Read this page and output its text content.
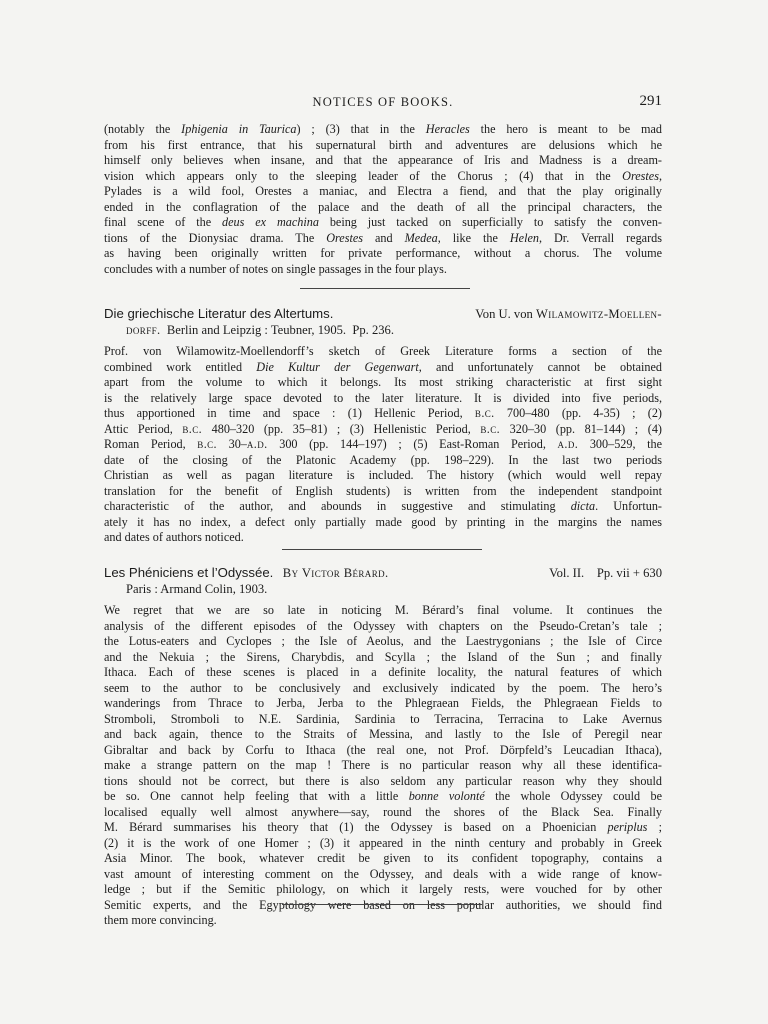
NOTICES OF BOOKS.	291
(notably the Iphigenia in Taurica) ; (3) that in the Heracles the hero is meant to be mad
from his first entrance, that his supernatural birth and adventures are delusions which he
himself only believes when insane, and that the appearance of Iris and Madness is a dream-
vision which appears only to the sleeping leader of the Chorus ; (4) that in the Orestes,
Pylades is a wild fool, Orestes a maniac, and Electra a fiend, and that the play originally
ended in the conflagration of the palace and the death of all the principal characters, the
final scene of the deus ex machina being just tacked on superficially to satisfy the conven-
tions of the Dionysiac drama. The Orestes and Medea, like the Helen, Dr. Verrall regards
as having been originally written for private performance, without a chorus. The volume
concludes with a number of notes on single passages in the four plays.

Die griechische Literatur des Altertums.	Von U. von Wilamowitz-Moellen-

dorff. Berlin and Leipzig : Teubner, 1905. Pp. 236.

Prof. von Wilamowitz-Moellendorff’s sketch of Greek Literature forms a section of the
combined work entitled Die Kultur der Gegenwart, and unfortunately cannot be obtained
apart from the volume to which it belongs. Its most striking characteristic at first sight
is the relatively large space devoted to the later literature. It is divided into five periods,
thus apportioned in time and space : (1) Hellenic Period, b.c. 700–480 (pp. 4-35) ; (2)
Attic Period, b.c. 480–320 (pp. 35–81) ; (3) Hellenistic Period, b.c. 320–30 (pp. 81–144) ; (4)
Roman Period, b.c. 30–a.d. 300 (pp. 144–197) ; (5) East-Roman Period, a.d. 300–529, the
date of the closing of the Platonic Academy (pp. 198–229). In the last two periods
Christian as well as pagan literature is included. The history (which would well repay
translation for the benefit of English students) is written from the independent standpoint
characteristic of the author, and abounds in suggestive and stimulating dicta. Unfortun-
ately it has no index, a defect only partially made good by printing in the margins the names
and dates of authors noticed.

Les Phéniciens et l’Odyssée. By Victor Bérard.	Vol. II. Pp. vii + 630

Paris : Armand Colin, 1903.

We regret that we are so late in noticing M. Bérard’s final volume. It continues the
analysis of the different episodes of the Odyssey with chapters on the Pseudo-Cretan’s tale ;
the Lotus-eaters and Cyclopes ; the Isle of Aeolus, and the Laestrygonians ; the Isle of Circe
and the Nekuia ; the Sirens, Charybdis, and Scylla ; the Island of the Sun ; and finally
Ithaca. Each of these scenes is placed in a definite locality, the natural features of which
seem to the author to be conclusively and exclusively indicated by the poem. The hero’s
wanderings from Thrace to Jerba, Jerba to the Phlegraean Fields, the Phlegraean Fields to
Stromboli, Stromboli to N.E. Sardinia, Sardinia to Terracina, Terracina to Lake Avernus
and back again, thence to the Straits of Messina, and lastly to the Isle of Peregil near
Gibraltar and back by Corfu to Ithaca (the real one, not Prof. Dörpfeld’s Leucadian Ithaca),
make a strange pattern on the map ! There is no particular reason why all these identifica-
tions should not be correct, but there is also seldom any particular reason why they should
be so. One cannot help feeling that with a little bonne volonté the whole Odyssey could be
localised equally well almost anywhere—say, round the shores of the Black Sea. Finally
M. Bérard summarises his theory that (1) the Odyssey is based on a Phoenician periplus ;
(2) it is the work of one Homer ; (3) it appeared in the ninth century and probably in Greek
Asia Minor. The book, whatever credit be given to its confident topography, contains a
vast amount of interesting comment on the Odyssey, and deals with a wide range of know-
ledge ; but if the Semitic philology, on which it largely rests, were vouched for by other
Semitic experts, and the Egyptology were based on less popular authorities, we should find
them more convincing.
